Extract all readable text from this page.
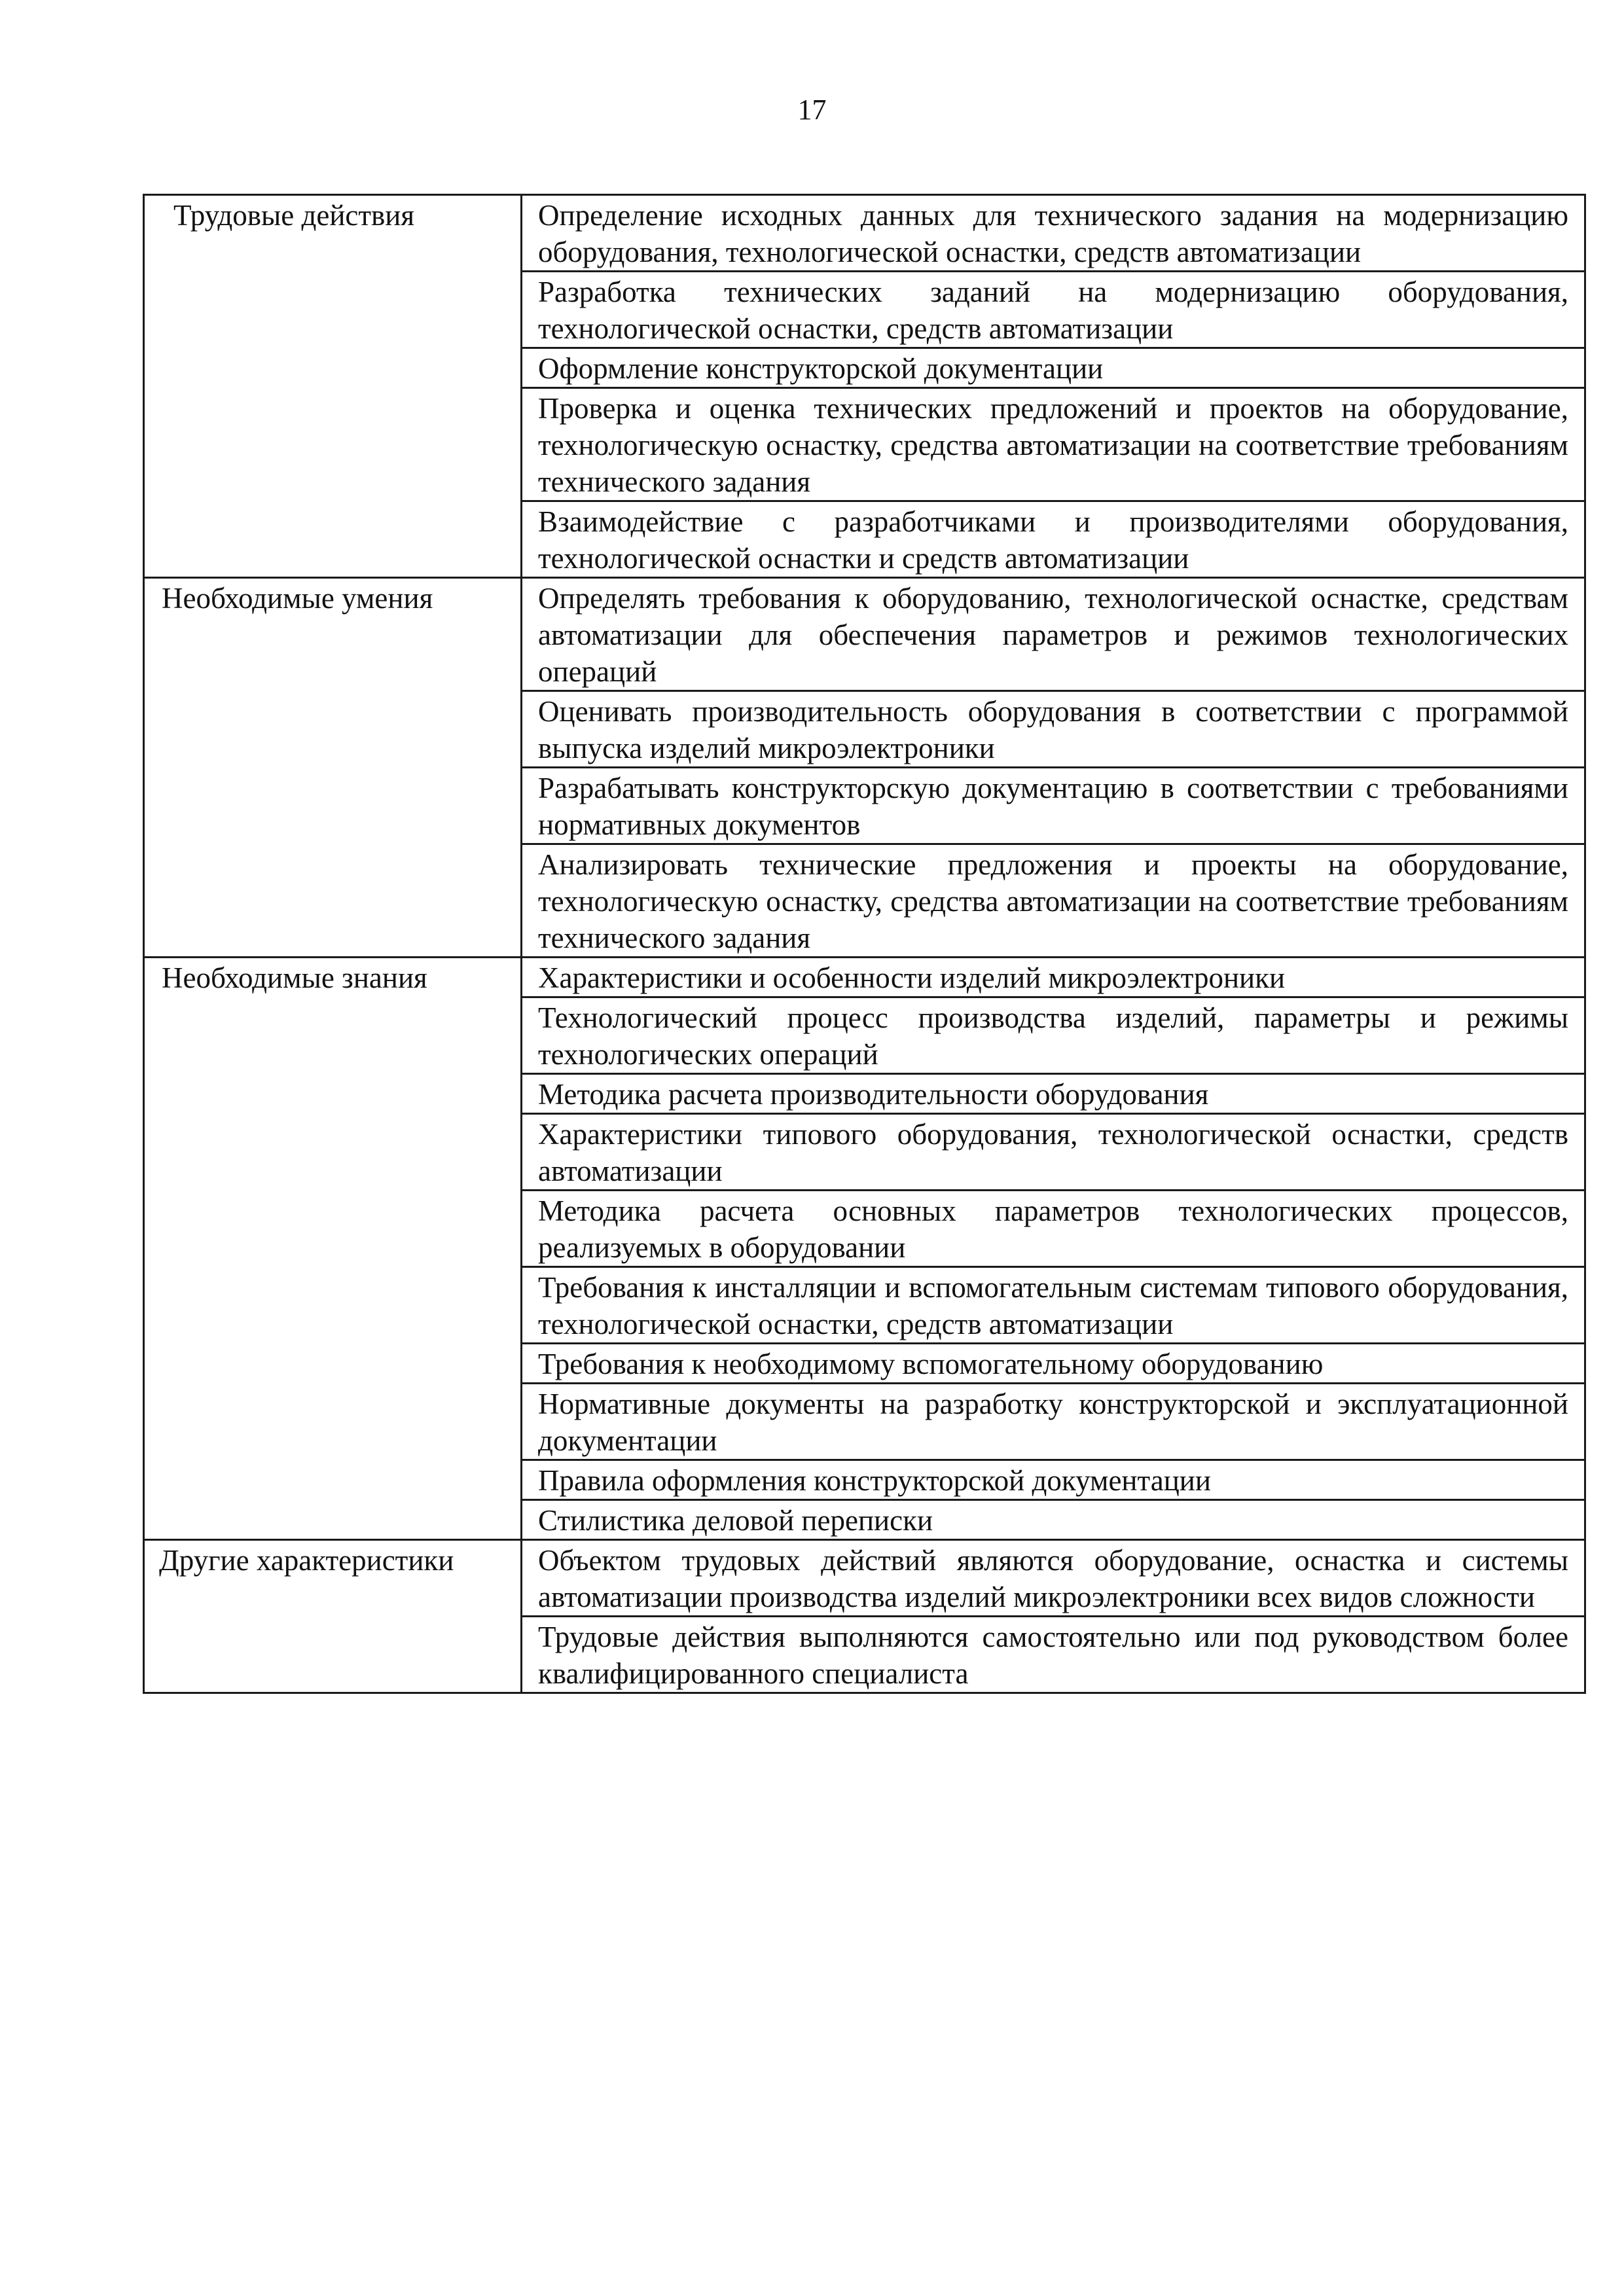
17
Трудовые действия	Определение исходных данных для технического задания на модернизацию оборудования, технологической оснастки, средств автоматизации
	Разработка технических заданий на модернизацию оборудования, технологической оснастки, средств автоматизации
	Оформление конструкторской документации
	Проверка и оценка технических предложений и проектов на оборудование, технологическую оснастку, средства автоматизации на соответствие требованиям технического задания
	Взаимодействие с разработчиками и производителями оборудования, технологической оснастки и средств автоматизации
Необходимые умения	Определять требования к оборудованию, технологической оснастке, средствам автоматизации для обеспечения параметров и режимов технологических операций
	Оценивать производительность оборудования в соответствии с программой выпуска изделий микроэлектроники
	Разрабатывать конструкторскую документацию в соответствии с требованиями нормативных документов
	Анализировать технические предложения и проекты на оборудование, технологическую оснастку, средства автоматизации на соответствие требованиям технического задания
Необходимые знания	Характеристики и особенности изделий микроэлектроники
	Технологический процесс производства изделий, параметры и режимы технологических операций
	Методика расчета производительности оборудования
	Характеристики типового оборудования, технологической оснастки, средств автоматизации
	Методика расчета основных параметров технологических процессов, реализуемых в оборудовании
	Требования к инсталляции и вспомогательным системам типового оборудования, технологической оснастки, средств автоматизации
	Требования к необходимому вспомогательному оборудованию
	Нормативные документы на разработку конструкторской и эксплуатационной документации
	Правила оформления конструкторской документации
	Стилистика деловой переписки
Другие характеристики	Объектом трудовых действий являются оборудование, оснастка и системы автоматизации производства изделий микроэлектроники всех видов сложности
	Трудовые действия выполняются самостоятельно или под руководством более квалифицированного специалиста
